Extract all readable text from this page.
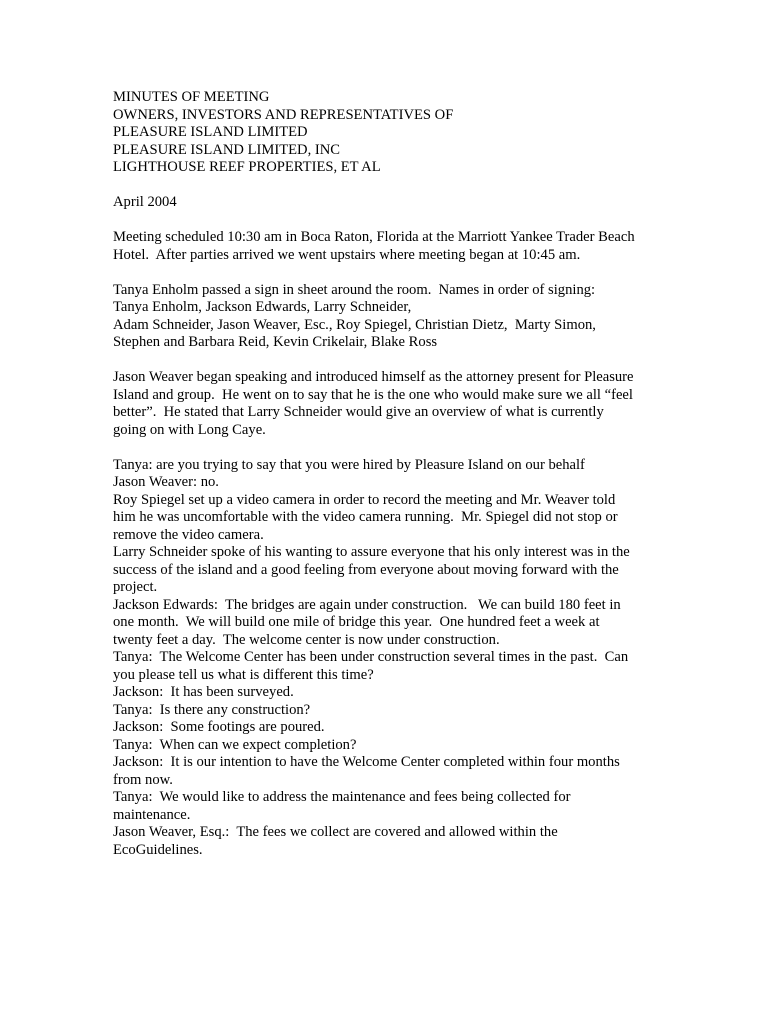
MINUTES OF MEETING
OWNERS, INVESTORS AND REPRESENTATIVES OF
PLEASURE ISLAND LIMITED
PLEASURE ISLAND LIMITED, INC
LIGHTHOUSE REEF PROPERTIES, ET AL
April 2004
Meeting scheduled 10:30 am in Boca Raton, Florida at the Marriott Yankee Trader Beach
Hotel.  After parties arrived we went upstairs where meeting began at 10:45 am.
Tanya Enholm passed a sign in sheet around the room.  Names in order of signing:
Tanya Enholm, Jackson Edwards, Larry Schneider,
Adam Schneider, Jason Weaver, Esc., Roy Spiegel, Christian Dietz,  Marty Simon,
Stephen and Barbara Reid, Kevin Crikelair, Blake Ross
Jason Weaver began speaking and introduced himself as the attorney present for Pleasure
Island and group.  He went on to say that he is the one who would make sure we all “feel
better”.  He stated that Larry Schneider would give an overview of what is currently
going on with Long Caye.
Tanya: are you trying to say that you were hired by Pleasure Island on our behalf
Jason Weaver: no.
Roy Spiegel set up a video camera in order to record the meeting and Mr. Weaver told
him he was uncomfortable with the video camera running.  Mr. Spiegel did not stop or
remove the video camera.
Larry Schneider spoke of his wanting to assure everyone that his only interest was in the
success of the island and a good feeling from everyone about moving forward with the
project.
Jackson Edwards:  The bridges are again under construction.   We can build 180 feet in
one month.  We will build one mile of bridge this year.  One hundred feet a week at
twenty feet a day.  The welcome center is now under construction.
Tanya:  The Welcome Center has been under construction several times in the past.  Can
you please tell us what is different this time?
Jackson:  It has been surveyed.
Tanya:  Is there any construction?
Jackson:  Some footings are poured.
Tanya:  When can we expect completion?
Jackson:  It is our intention to have the Welcome Center completed within four months
from now.
Tanya:  We would like to address the maintenance and fees being collected for
maintenance.
Jason Weaver, Esq.:  The fees we collect are covered and allowed within the
EcoGuidelines.
